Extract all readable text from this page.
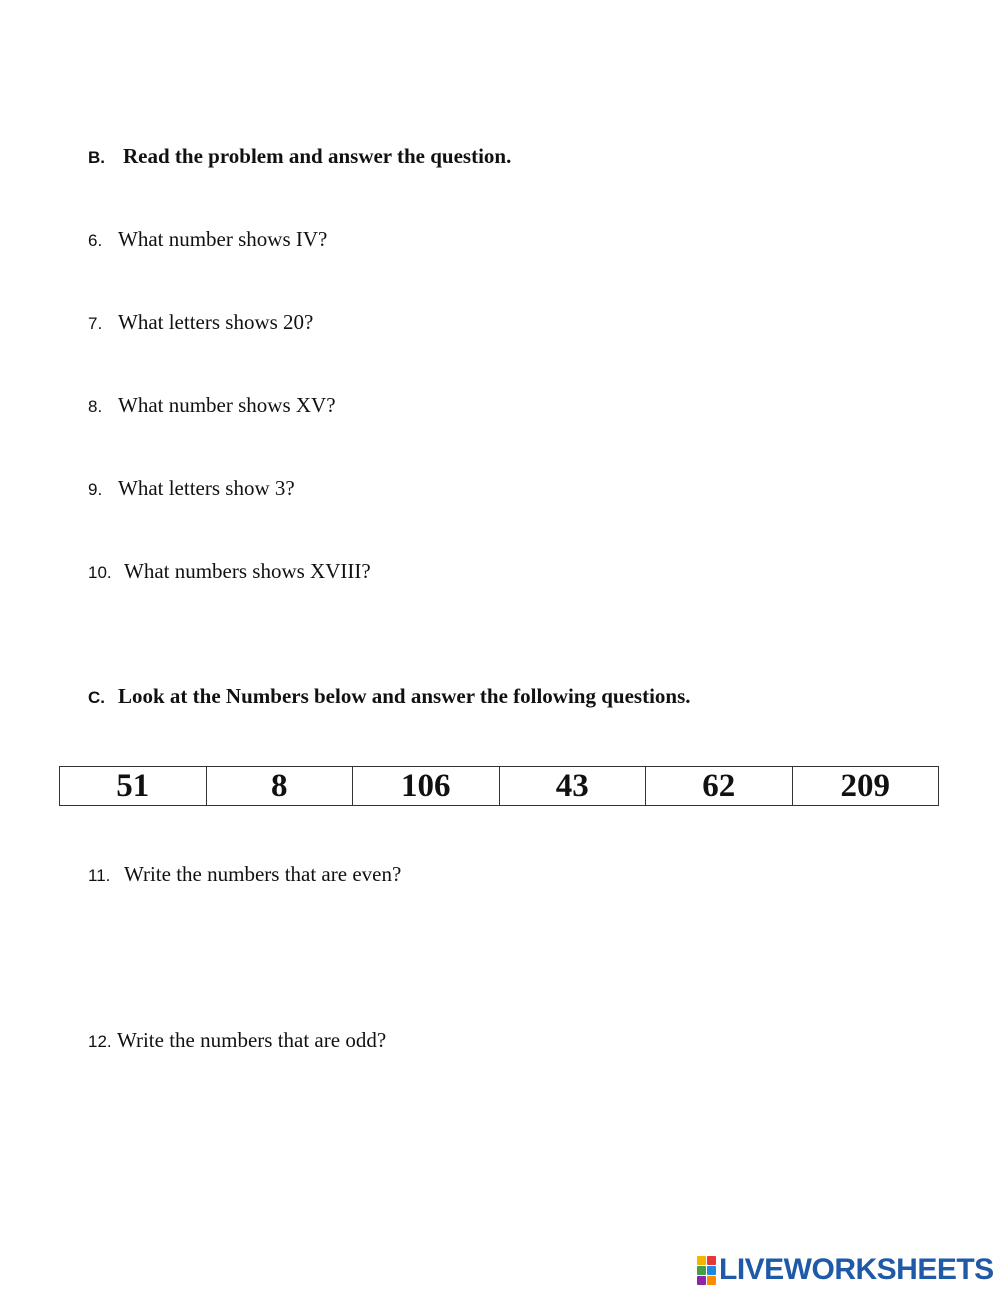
B. Read the problem and answer the question.
6. What number shows IV?
7. What letters shows 20?
8. What number shows XV?
9. What letters show 3?
10. What numbers shows XVIII?
C. Look at the Numbers below and answer the following questions.
51	8	106	43	62	209
11. Write the numbers that are even?
12. Write the numbers that are odd?
LIVEWORKSHEETS
